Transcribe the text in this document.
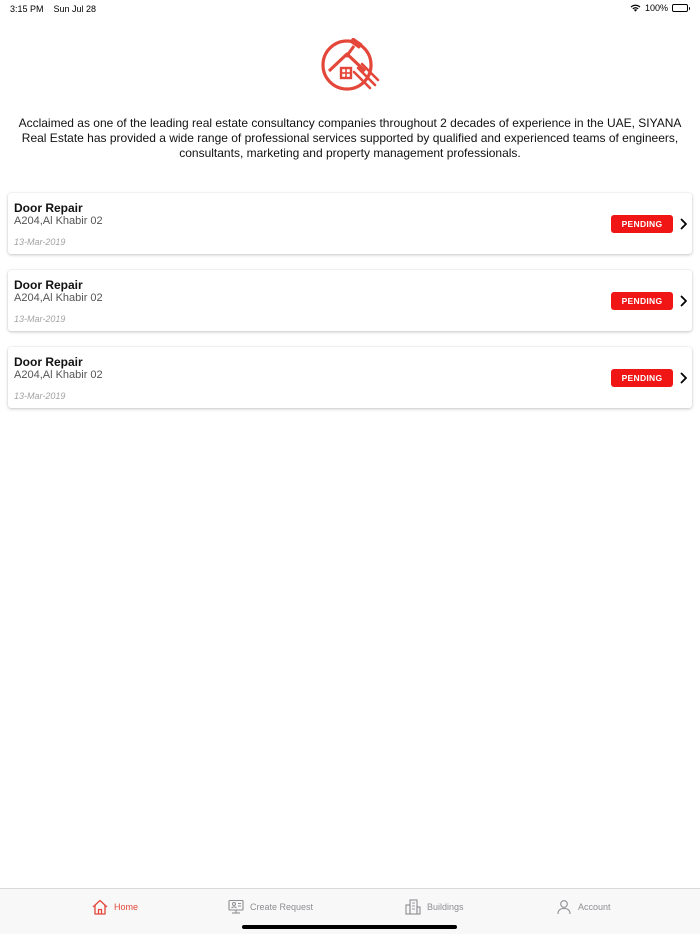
3:15 PM Sun Jul 28	100%

Acclaimed as one of the leading real estate consultancy companies throughout 2 decades of experience in the UAE, SIYANA Real Estate has provided a wide range of professional services supported by qualified and experienced teams of engineers, consultants, marketing and property management professionals.

Door Repair
A204,Al Khabir 02
13-Mar-2019
PENDING
Door Repair
A204,Al Khabir 02
13-Mar-2019
PENDING
Door Repair
A204,Al Khabir 02
13-Mar-2019
PENDING
Home	Create Request	Buildings	Account
